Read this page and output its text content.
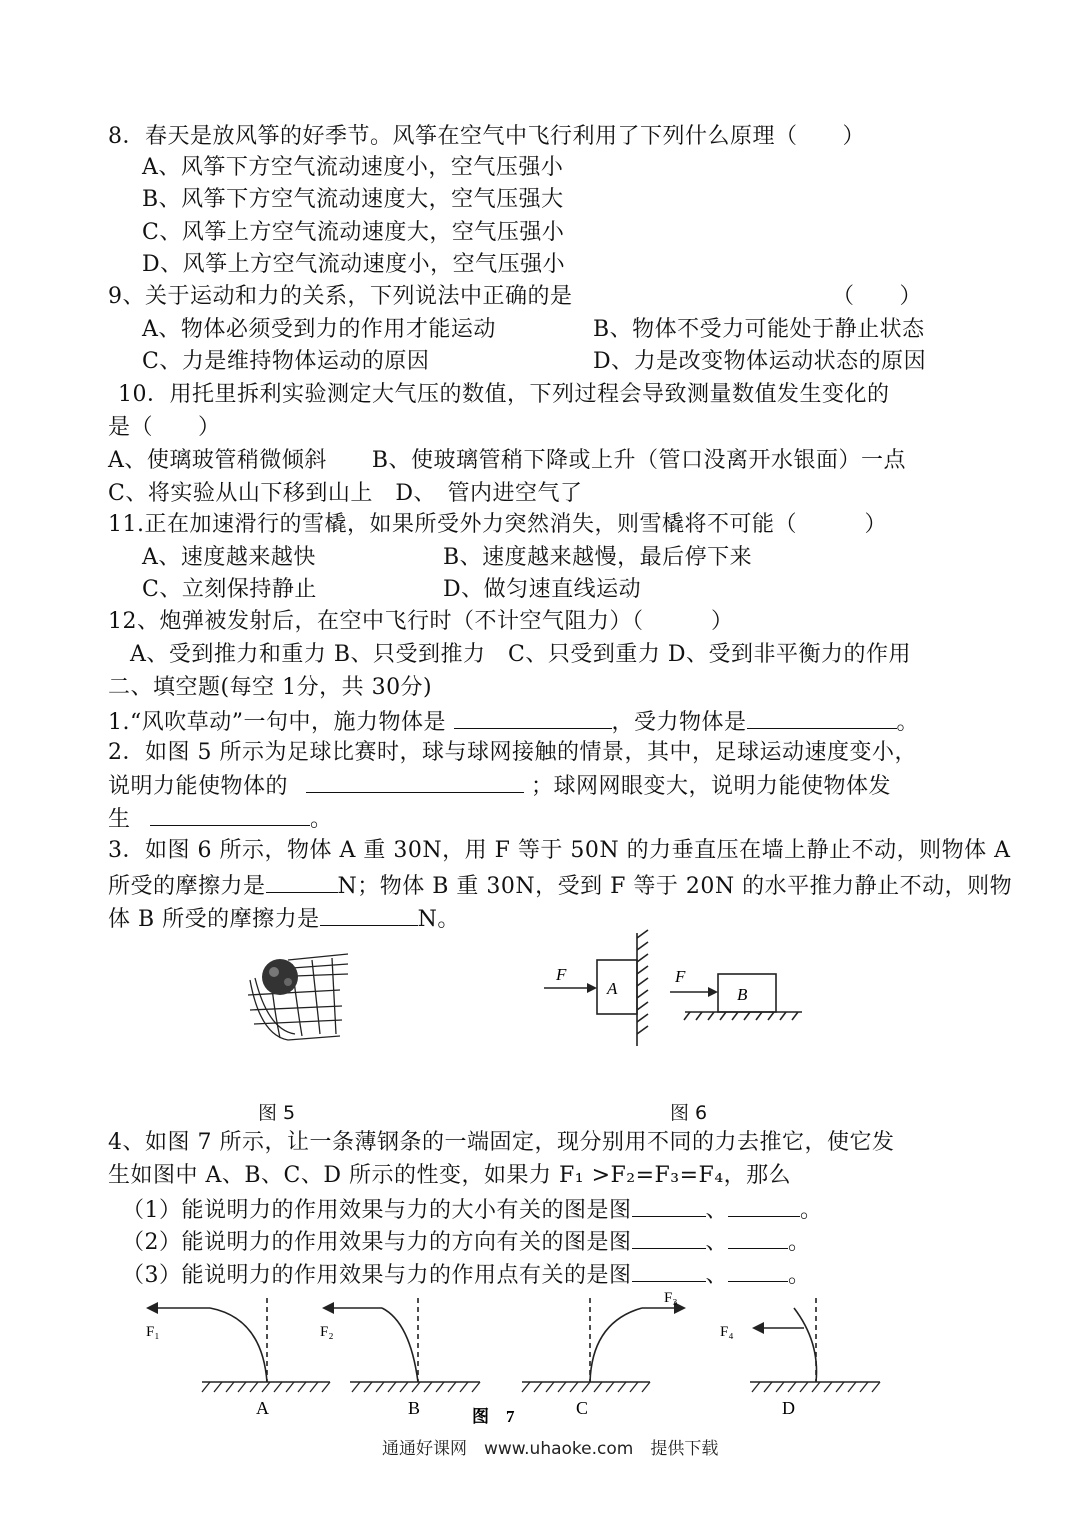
8．春天是放风筝的好季节。风筝在空气中飞行利用了下列什么原理（　　）
A、风筝下方空气流动速度小，空气压强小
B、风筝下方空气流动速度大，空气压强大
C、风筝上方空气流动速度大，空气压强小
D、风筝上方空气流动速度小，空气压强小
9、关于运动和力的关系，下列说法中正确的是	（　　）
A、物体必须受到力的作用才能运动	B、物体不受力可能处于静止状态
C、力是维持物体运动的原因	D、力是改变物体运动状态的原因
10．用托里拆利实验测定大气压的数值，下列过程会导致测量数值发生变化的
是（　　）
A、使璃玻管稍微倾斜　　B、使玻璃管稍下降或上升（管口没离开水银面）一点
C、将实验从山下移到山上　D、　管内进空气了
11.正在加速滑行的雪橇，如果所受外力突然消失，则雪橇将不可能（　　　）
A、速度越来越快	B、速度越来越慢，最后停下来
C、立刻保持静止	D、做匀速直线运动
12、炮弹被发射后，在空中飞行时（不计空气阻力）（　　　）
A、受到推力和重力 B、只受到推力　C、只受到重力 D、受到非平衡力的作用
二、填空题(每空 1分，共 30分)
1.“风吹草动”一句中，施力物体是	，受力物体是	。
2．如图 5 所示为足球比赛时，球与球网接触的情景，其中，足球运动速度变小，
说明力能使物体的	；球网网眼变大，说明力能使物体发
生	。
3．如图 6 所示，物体 A 重 30N，用 F 等于 50N 的力垂直压在墙上静止不动，则物体 A
所受的摩擦力是	N；物体 B 重 30N，受到 F 等于 20N 的水平推力静止不动，则物
体 B 所受的摩擦力是	N。
F	F
A	B
图 5	图 6
4、如图 7 所示，让一条薄钢条的一端固定，现分别用不同的力去推它，使它发
生如图中 A、B、C、D 所示的性变，如果力 F₁ >F₂=F₃=F₄，那么
（1）能说明力的作用效果与力的大小有关的图是图	、	。
（2）能说明力的作用效果与力的方向有关的图是图	、	。
（3）能说明力的作用效果与力的作用点有关的是图	、	。
F₁	F₂
F₃
F₄
A	B	C	D
图　7
通通好课网　www.uhaoke.com　提供下载
